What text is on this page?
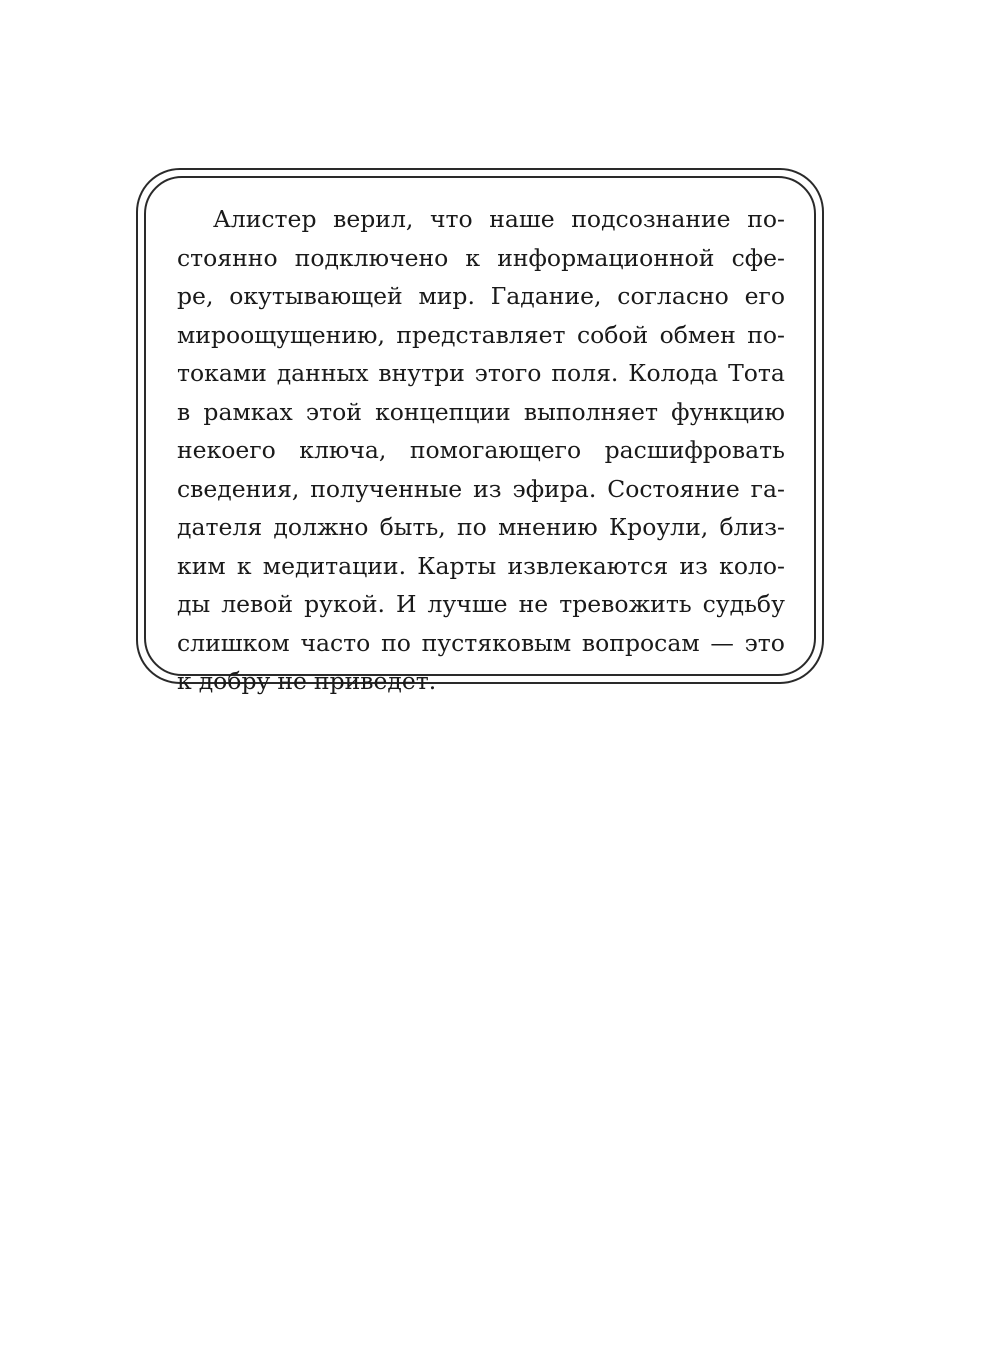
Алистер верил, что наше подсознание по-
стоянно подключено к информационной сфе-
ре, окутывающей мир. Гадание, согласно его
мироощущению, представляет собой обмен по-
токами данных внутри этого поля. Колода Тота
в рамках этой концепции выполняет функцию
некоего ключа, помогающего расшифровать
сведения, полученные из эфира. Состояние га-
дателя должно быть, по мнению Кроули, близ-
ким к медитации. Карты извлекаются из коло-
ды левой рукой. И лучше не тревожить судьбу
слишком часто по пустяковым вопросам — это
к добру не приведет.
